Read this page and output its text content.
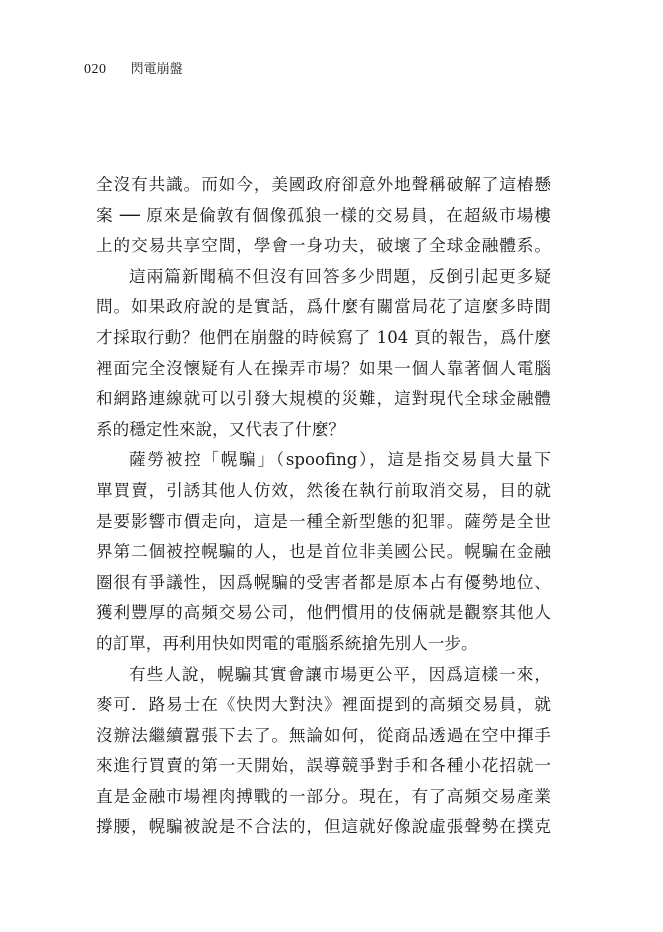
020 閃電崩盤

全沒有共識。而如今，美國政府卻意外地聲稱破解了這樁懸
案 ── 原來是倫敦有個像孤狼一樣的交易員，在超級市場樓
上的交易共享空間，學會一身功夫，破壞了全球金融體系。

這兩篇新聞稿不但沒有回答多少問題，反倒引起更多疑
問。如果政府說的是實話，爲什麼有關當局花了這麼多時間
才採取行動？他們在崩盤的時候寫了 104 頁的報告，爲什麼
裡面完全沒懷疑有人在操弄市場？如果一個人靠著個人電腦
和網路連線就可以引發大規模的災難，這對現代全球金融體
系的穩定性來說，又代表了什麼？

薩勞被控「幌騙」（spoofing），這是指交易員大量下
單買賣，引誘其他人仿效，然後在執行前取消交易，目的就
是要影響市價走向，這是一種全新型態的犯罪。薩勞是全世
界第二個被控幌騙的人，也是首位非美國公民。幌騙在金融
圈很有爭議性，因爲幌騙的受害者都是原本占有優勢地位、
獲利豐厚的高頻交易公司，他們慣用的伎倆就是觀察其他人
的訂單，再利用快如閃電的電腦系統搶先別人一步。

有些人說，幌騙其實會讓市場更公平，因爲這樣一來，
麥可．路易士在《快閃大對決》裡面提到的高頻交易員，就
沒辦法繼續囂張下去了。無論如何，從商品透過在空中揮手
來進行買賣的第一天開始，誤導競爭對手和各種小花招就一
直是金融市場裡肉搏戰的一部分。現在，有了高頻交易產業
撐腰，幌騙被說是不合法的，但這就好像說虛張聲勢在撲克
